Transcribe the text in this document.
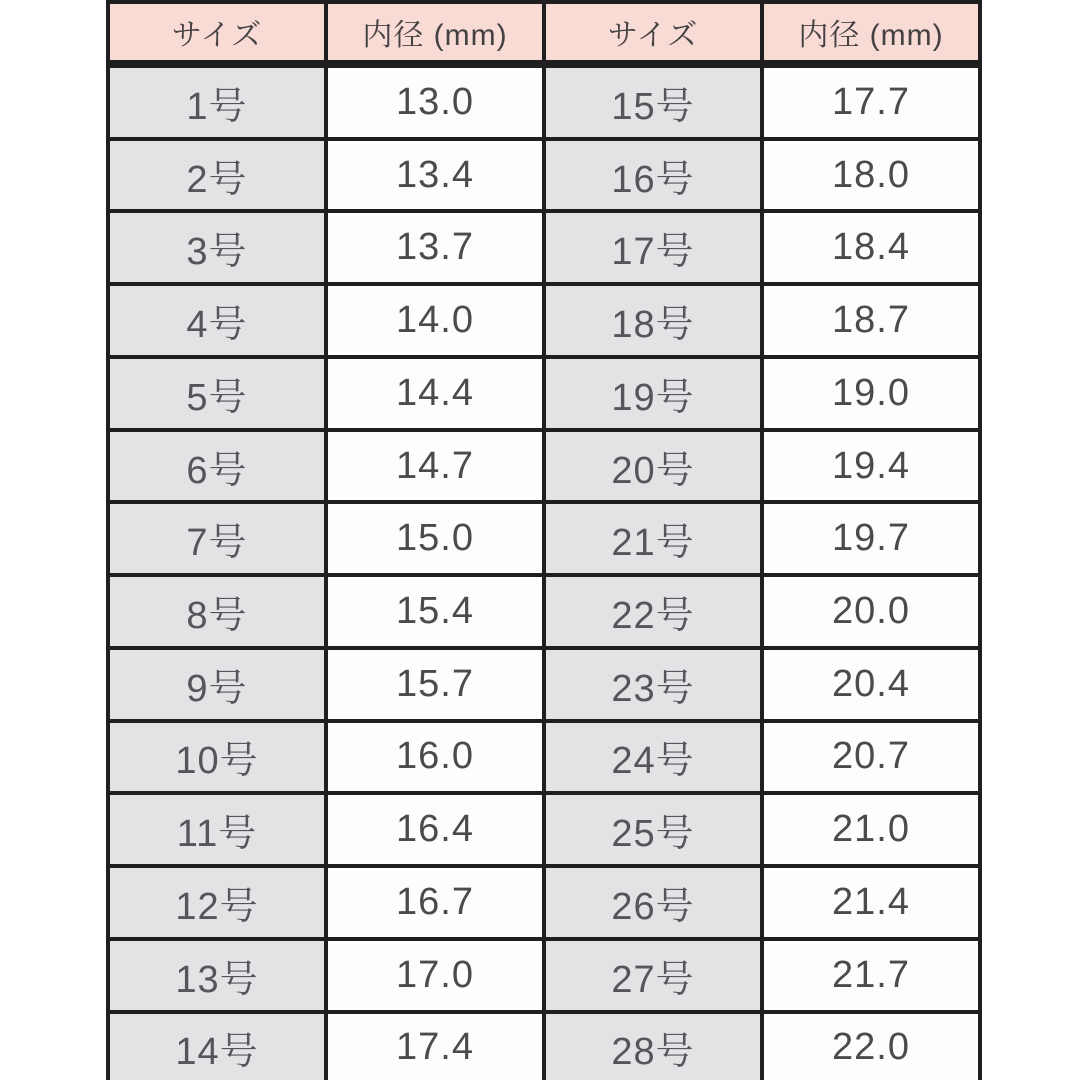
サイズ	内径 (mm)	サイズ	内径 (mm)

1号	13.0	15号	17.7
2号	13.4	16号	18.0
3号	13.7	17号	18.4
4号	14.0	18号	18.7
5号	14.4	19号	19.0
6号	14.7	20号	19.4
7号	15.0	21号	19.7
8号	15.4	22号	20.0
9号	15.7	23号	20.4
10号	16.0	24号	20.7
11号	16.4	25号	21.0
12号	16.7	26号	21.4
13号	17.0	27号	21.7
14号	17.4	28号	22.0
